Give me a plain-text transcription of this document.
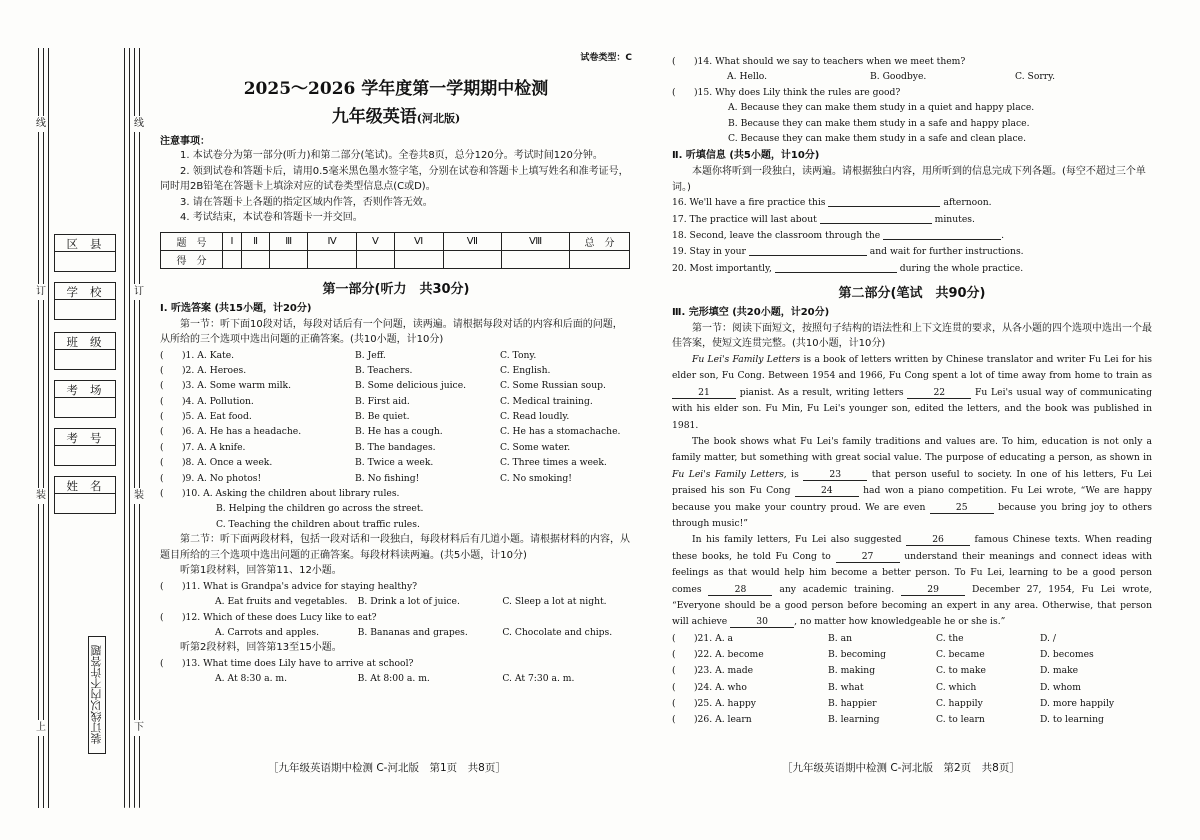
线
订
装
上
线
订
装
下
区县
学校
班级
考场
考号
姓名
装订线以内不许答题
试卷类型：C
2025～2026 学年度第一学期期中检测
九年级英语(河北版)
注意事项：
1. 本试卷分为第一部分(听力)和第二部分(笔试)。全卷共8页，总分120分。考试时间120分钟。
2. 领到试卷和答题卡后，请用0.5毫米黑色墨水签字笔，分别在试卷和答题卡上填写姓名和准考证号，同时用2B铅笔在答题卡上填涂对应的试卷类型信息点(C或D)。
3. 请在答题卡上各题的指定区域内作答，否则作答无效。
4. 考试结束，本试卷和答题卡一并交回。
题　号	Ⅰ	Ⅱ	Ⅲ	Ⅳ	Ⅴ	Ⅵ	Ⅶ	Ⅷ	总　分
得　分									
第一部分(听力　共30分)
Ⅰ. 听选答案 (共15小题，计20分)
第一节：听下面10段对话，每段对话后有一个问题，读两遍。请根据每段对话的内容和后面的问题，从所给的三个选项中选出问题的正确答案。(共10小题，计10分)
(　　)1. A. Kate.	B. Jeff.	C. Tony.
(　　)2. A. Heroes.	B. Teachers.	C. English.
(　　)3. A. Some warm milk.	B. Some delicious juice.	C. Some Russian soup.
(　　)4. A. Pollution.	B. First aid.	C. Medical training.
(　　)5. A. Eat food.	B. Be quiet.	C. Read loudly.
(　　)6. A. He has a headache.	B. He has a cough.	C. He has a stomachache.
(　　)7. A. A knife.	B. The bandages.	C. Some water.
(　　)8. A. Once a week.	B. Twice a week.	C. Three times a week.
(　　)9. A. No photos!	B. No fishing!	C. No smoking!
(　　)10. A. Asking the children about library rules.
B. Helping the children go across the street.
C. Teaching the children about traffic rules.
第二节：听下面两段材料，包括一段对话和一段独白，每段材料后有几道小题。请根据材料的内容，从题目所给的三个选项中选出问题的正确答案。每段材料读两遍。(共5小题，计10分)
听第1段材料，回答第11、12小题。
(　　)11. What is Grandpa's advice for staying healthy?
A. Eat fruits and vegetables.	B. Drink a lot of juice.	C. Sleep a lot at night.
(　　)12. Which of these does Lucy like to eat?
A. Carrots and apples.	B. Bananas and grapes.	C. Chocolate and chips.
听第2段材料，回答第13至15小题。
(　　)13. What time does Lily have to arrive at school?
A. At 8:30 a. m.	B. At 8:00 a. m.	C. At 7:30 a. m.
［九年级英语期中检测 C-河北版　第1页　共8页］
(　　)14. What should we say to teachers when we meet them?
A. Hello.	B. Goodbye.	C. Sorry.
(　　)15. Why does Lily think the rules are good?
A. Because they can make them study in a quiet and happy place.
B. Because they can make them study in a safe and happy place.
C. Because they can make them study in a safe and clean place.
Ⅱ. 听填信息 (共5小题，计10分)
本题你将听到一段独白，读两遍。请根据独白内容，用所听到的信息完成下列各题。(每空不超过三个单词。)
16. We'll have a fire practice this

	afternoon.
17. The practice will last about

	minutes.
18. Second, leave the classroom through the
	.
19. Stay in your

	and wait for further instructions.
20. Most importantly,

	during the whole practice.
第二部分(笔试　共90分)
Ⅲ. 完形填空 (共20小题，计20分)
第一节：阅读下面短文，按照句子结构的语法性和上下文连贯的要求，从各小题的四个选项中选出一个最佳答案，使短文连贯完整。(共10小题，计10分)

Fu Lei's Family Letters is a book of letters written by Chinese translator and writer Fu Lei for his elder son, Fu Cong. Between 1954 and 1966, Fu Cong spent a lot of time away from home to train as 21	pianist. As a result, writing letters	22	Fu Lei's usual way of communicating with his elder son. Fu Min, Fu Lei's younger son, edited the letters, and the book was published in 1981.

The book shows what Fu Lei's family traditions and values are. To him, education is not only a family matter, but something with great social value. The purpose of educating a person, as shown in Fu Lei's Family Letters, is	23	that person useful to society. In one of his letters, Fu Lei praised his son Fu Cong	24	had won a piano competition. Fu Lei wrote, “We are happy because you make your country proud. We are even	25	because you bring joy to others through music!”

In his family letters, Fu Lei also suggested	26	famous Chinese texts. When reading these books, he told Fu Cong to	27	understand their meanings and connect ideas with feelings as that would help him become a better person. To Fu Lei, learning to be a good person comes	28	any academic training.	29	December 27, 1954, Fu Lei wrote, “Everyone should be a good person before becoming an expert in any area. Otherwise, that person will achieve	30	, no matter how knowledgeable he or she is.”

(　　)21. A. a	B. an	C. the	D. /
(　　)22. A. become	B. becoming	C. became	D. becomes
(　　)23. A. made	B. making	C. to make	D. make
(　　)24. A. who	B. what	C. which	D. whom
(　　)25. A. happy	B. happier	C. happily	D. more happily
(　　)26. A. learn	B. learning	C. to learn	D. to learning
［九年级英语期中检测 C-河北版　第2页　共8页］
